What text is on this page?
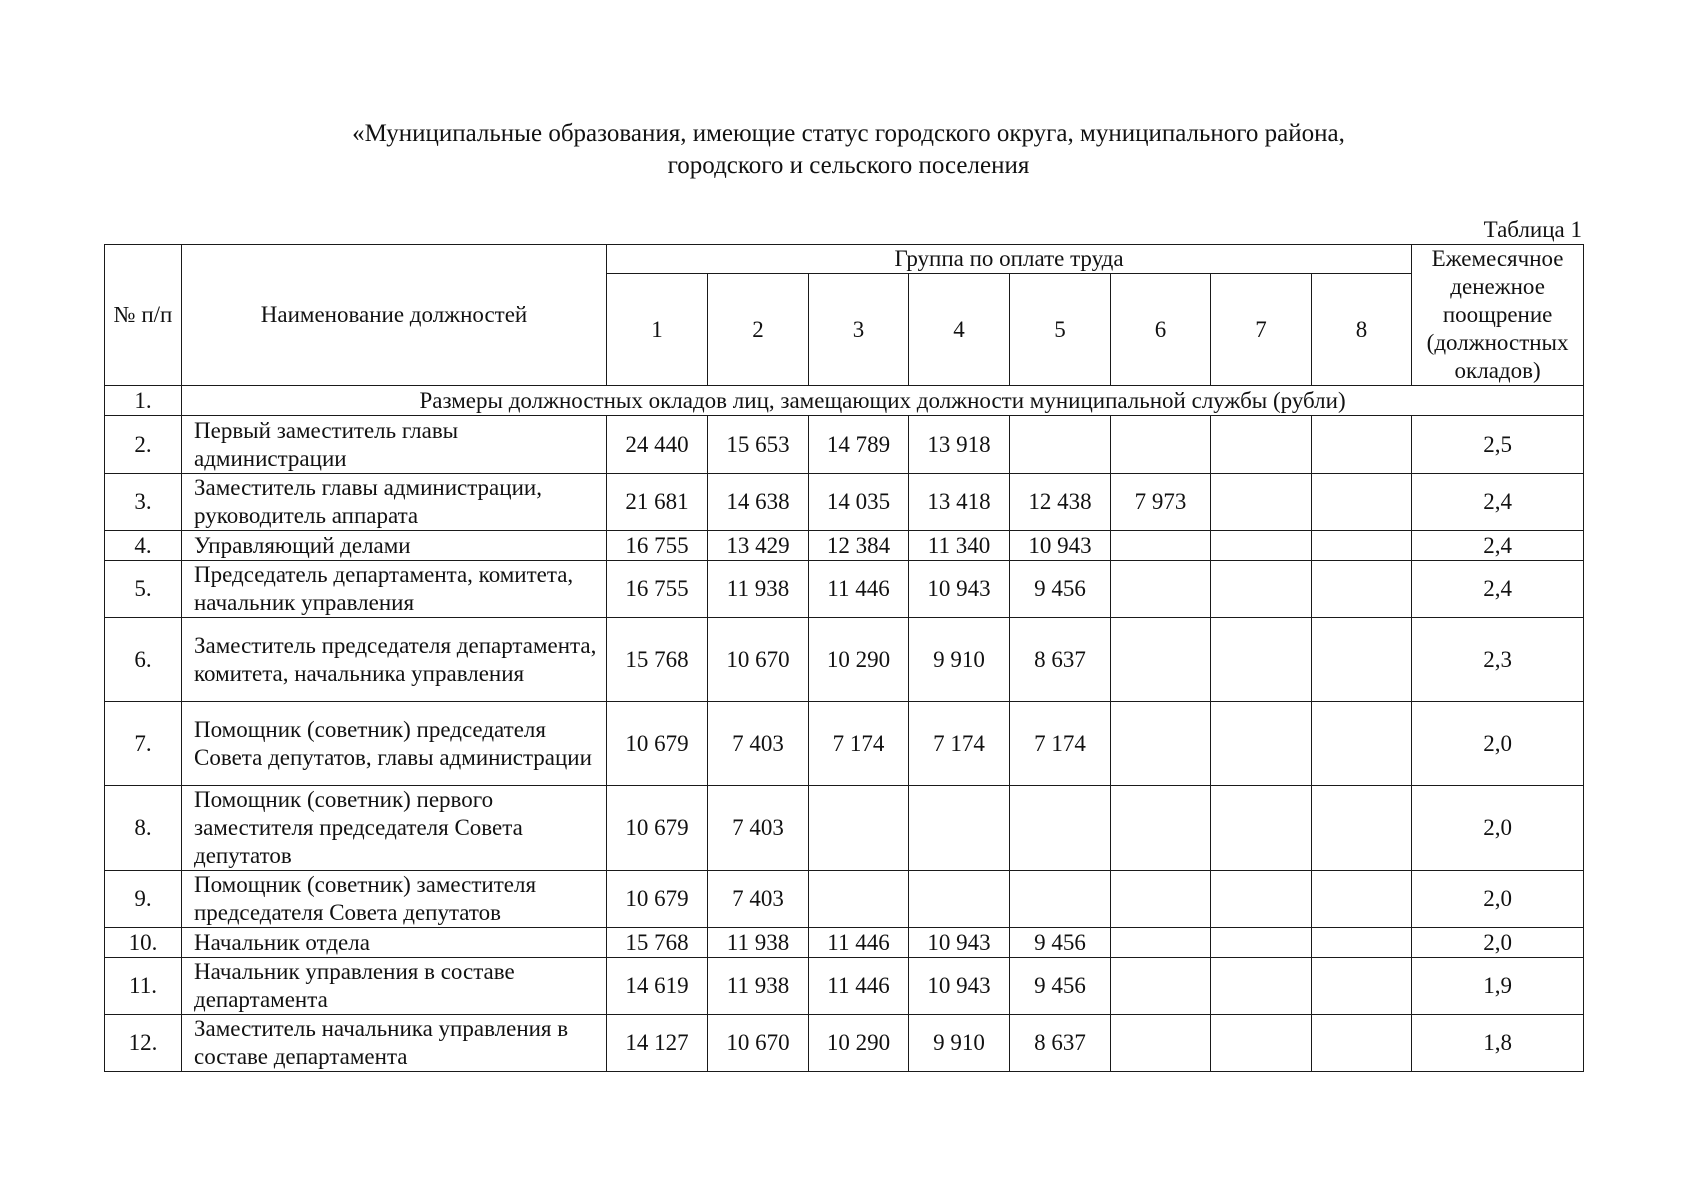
«Муниципальные образования, имеющие статус городского округа, муниципального района,
городского и сельского поселения
Таблица 1
№ п/п	Наименование должностей	Группа по оплате труда								Ежемесячное денежное поощрение (должностных окладов)
		1	2	3	4	5	6	7	8	
1.	Размеры должностных окладов лиц, замещающих должности муниципальной службы (рубли)									
2.	Первый заместитель главы администрации	24 440	15 653	14 789	13 918					2,5
3.	Заместитель главы администрации, руководитель аппарата	21 681	14 638	14 035	13 418	12 438	7 973			2,4
4.	Управляющий делами	16 755	13 429	12 384	11 340	10 943				2,4
5.	Председатель департамента, комитета, начальник управления	16 755	11 938	11 446	10 943	9 456				2,4
6.	Заместитель председателя департамента, комитета, начальника управления	15 768	10 670	10 290	9 910	8 637				2,3
7.	Помощник (советник) председателя Совета депутатов, главы администрации	10 679	7 403	7 174	7 174	7 174				2,0
8.	Помощник (советник) первого заместителя председателя Совета депутатов	10 679	7 403							2,0
9.	Помощник (советник) заместителя председателя Совета депутатов	10 679	7 403							2,0
10.	Начальник отдела	15 768	11 938	11 446	10 943	9 456				2,0
11.	Начальник управления в составе департамента	14 619	11 938	11 446	10 943	9 456				1,9
12.	Заместитель начальника управления в составе департамента	14 127	10 670	10 290	9 910	8 637				1,8
